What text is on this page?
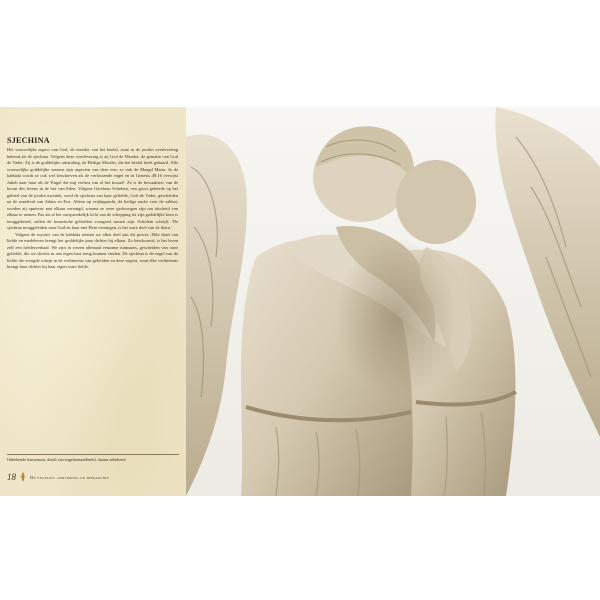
SJECHINA

Het vrouwelijke aspect van God, de moeder van het heelal, staat in de joodse overlevering bekend als de sjechina. Volgens deze overlevering is zij God de Moeder, de gemalin van God de Vader. Zij is de goddelijke uitstraling, de Heilige Moeder, die het heelal heeft gebaard. Alle vrouwelijke goddelijke wezens zijn aspecten van deze ene, zo ook de Maagd Maria. In de kabbala wordt ze ook wel beschreven als de verlossende engel en in Genesis 48:16 verwijst Jakob naar haar als de 'Engel die mij verlost van al het kwaad'. Ze is de bewaakster van de boom des levens in de hof van Eden. Volgens Gershom Scholem, een groot geleerde op het gebied van de joodse mystiek, werd de sjechina van haar geliefde, God de Vader, gescheiden na de zondeval van Adam en Eva. Alleen op vrijdagnacht, de heilige nacht voor de sabbat, worden zij opnieuw met elkaar verenigd, waarna ze weer gedwongen zijn om afscheid van elkaar te nemen. Pas als al het oorspronkelijk licht van de schepping tot zijn goddelijke kern is teruggekeerd, zullen de kosmische geliefden voorgoed samen zijn. Scholem schrijft: 'De sjechina teruggeleiden naar God en haar met Hem verenigen, is het ware doel van de thora.'

Volgens de mystici van de kabbala nemen we allen deel aan dit proces. Elke daad van liefde en medeleven brengt het goddelijke paar dichter bij elkaar. Zo beschouwd, is het leven zelf een liefdesverhaal. We zijn in wezen allemaal eenzame minnaars, gescheiden van onze geliefde, die we slechts in ons eigen hart terug kunnen vinden. De sjechina is de engel van de liefde die vreugde schept in de verbintenis van geliefden en deze segent, want elke verbintenis brengt haar dichter bij haar eigen ware liefde.

Onbekende kunstenaar, detail van engelenstandbeeld, datum onbekend.
18	De engelen: oorsprong en hiërarchie
